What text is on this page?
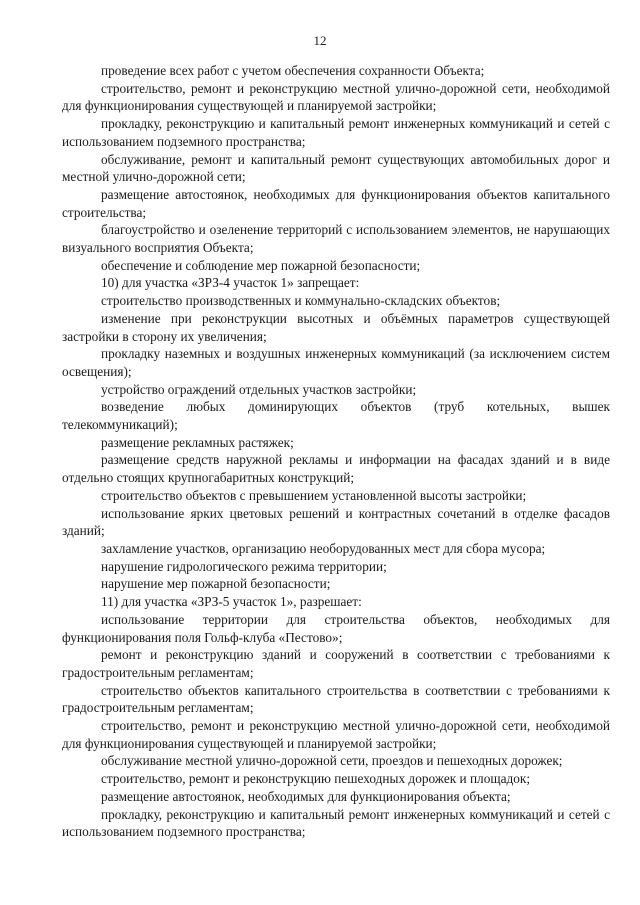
12

проведение всех работ с учетом обеспечения сохранности Объекта;

строительство, ремонт и реконструкцию местной улично-дорожной сети, необходимой для функционирования существующей и планируемой застройки;

прокладку, реконструкцию и капитальный ремонт инженерных коммуникаций и сетей с использованием подземного пространства;

обслуживание, ремонт и капитальный ремонт существующих автомобильных дорог и местной улично-дорожной сети;

размещение автостоянок, необходимых для функционирования объектов капитального строительства;

благоустройство и озеленение территорий с использованием элементов, не нарушающих визуального восприятия Объекта;

обеспечение и соблюдение мер пожарной безопасности;

10) для участка «ЗРЗ-4 участок 1» запрещает:

строительство производственных и коммунально-складских объектов;

изменение при реконструкции высотных и объёмных параметров существующей застройки в сторону их увеличения;

прокладку наземных и воздушных инженерных коммуникаций (за исключением систем освещения);

устройство ограждений отдельных участков застройки;

возведение любых доминирующих объектов (труб котельных, вышек телекоммуникаций);

размещение рекламных растяжек;

размещение средств наружной рекламы и информации на фасадах зданий и в виде отдельно стоящих крупногабаритных конструкций;

строительство объектов с превышением установленной высоты застройки;

использование ярких цветовых решений и контрастных сочетаний в отделке фасадов зданий;

захламление участков, организацию необорудованных мест для сбора мусора;

нарушение гидрологического режима территории;

нарушение мер пожарной безопасности;

11) для участка «ЗРЗ-5 участок 1», разрешает:

использование территории для строительства объектов, необходимых для функционирования поля Гольф-клуба «Пестово»;

ремонт и реконструкцию зданий и сооружений в соответствии с требованиями к градостроительным регламентам;

строительство объектов капитального строительства в соответствии с требованиями к градостроительным регламентам;

строительство, ремонт и реконструкцию местной улично-дорожной сети, необходимой для функционирования существующей и планируемой застройки;

обслуживание местной улично-дорожной сети, проездов и пешеходных дорожек;

строительство, ремонт и реконструкцию пешеходных дорожек и площадок;

размещение автостоянок, необходимых для функционирования объекта;

прокладку, реконструкцию и капитальный ремонт инженерных коммуникаций и сетей с использованием подземного пространства;
